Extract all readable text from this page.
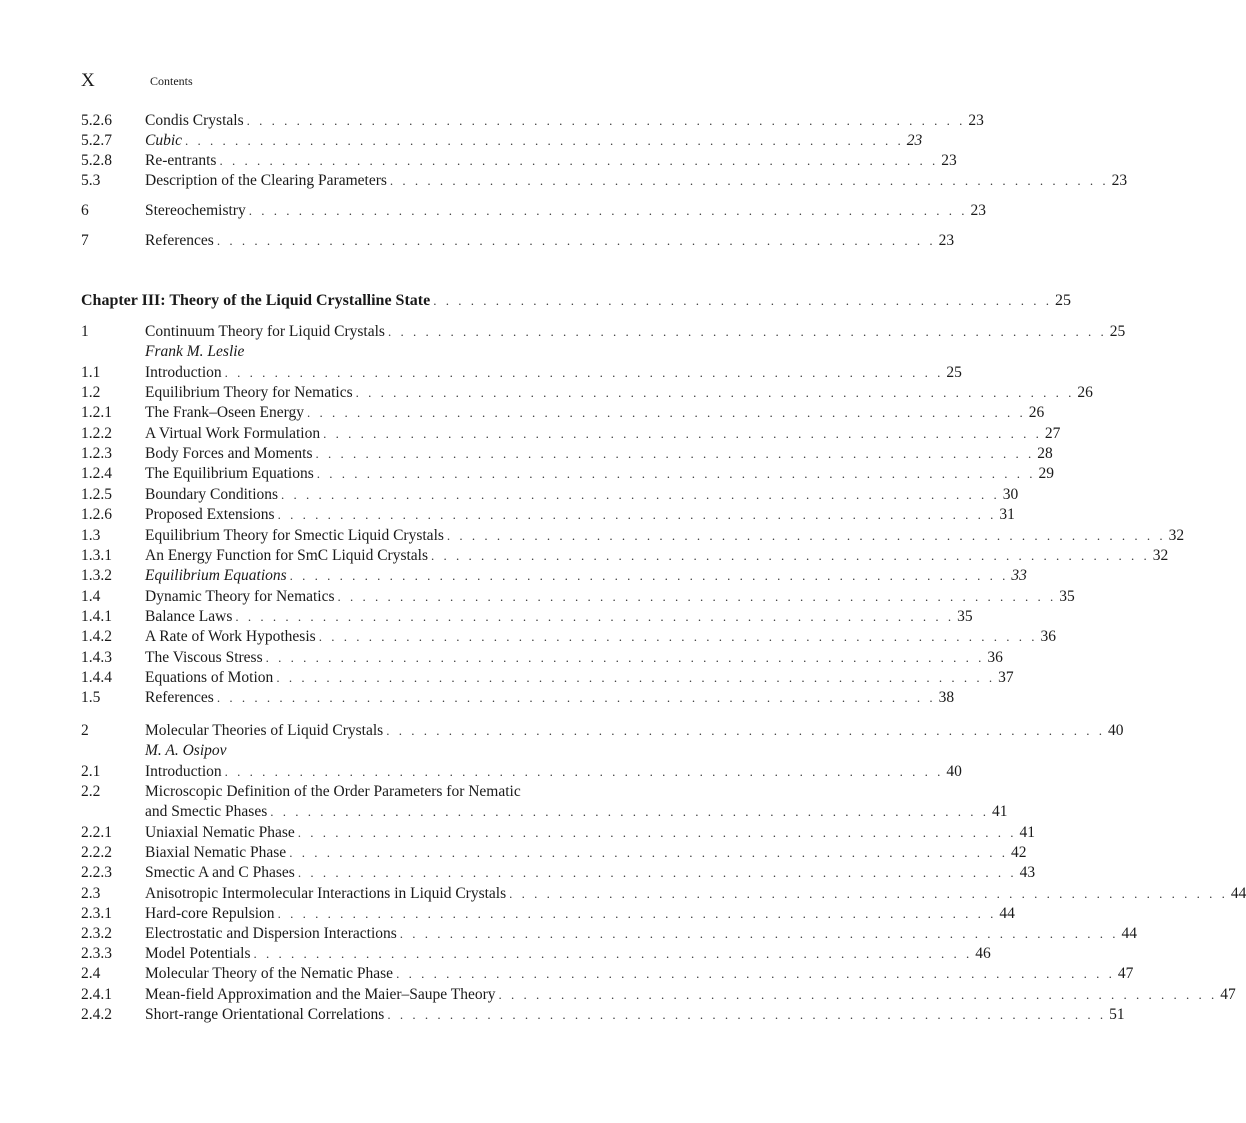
X	Contents
5.2.6 Condis Crystals . . . . . . . . . . . . . . . . . . . . . . . . . . . . . . . . . . . . . . . . . . . . . . . . . . . . . . . . . . 23
5.2.7 Cubic . . . . . . . . . . . . . . . . . . . . . . . . . . . . . . . . . . . . . . . . . . . . . . . . . . . . . . . . . . 23
5.2.8 Re-entrants . . . . . . . . . . . . . . . . . . . . . . . . . . . . . . . . . . . . . . . . . . . . . . . . . . . . . . . . . . 23
5.3	Description of the Clearing Parameters . . . . . . . . . . . . . . . . . . . . . . . . . . . . . . . . . . . . . . . . . . . . . . . . . . . . . . . . . . 23
6	Stereochemistry . . . . . . . . . . . . . . . . . . . . . . . . . . . . . . . . . . . . . . . . . . . . . . . . . . . . . . . . . . 23
7	References . . . . . . . . . . . . . . . . . . . . . . . . . . . . . . . . . . . . . . . . . . . . . . . . . . . . . . . . . . 23
Chapter III: Theory of the Liquid Crystalline State . . . . . . . . . . . . . . . . . . . . . . . . . . . . . . . . . . . . . . . . . . . . . . . . . . 25
1	Continuum Theory for Liquid Crystals . . . . . . . . . . . . . . . . . . . . . . . . . . . . . . . . . . . . . . . . . . . . . . . . . . . . . . . . . . 25
Frank M. Leslie
1.1	Introduction . . . . . . . . . . . . . . . . . . . . . . . . . . . . . . . . . . . . . . . . . . . . . . . . . . . . . . . . . . 25
1.2	Equilibrium Theory for Nematics . . . . . . . . . . . . . . . . . . . . . . . . . . . . . . . . . . . . . . . . . . . . . . . . . . . . . . . . . . 26
1.2.1 The Frank–Oseen Energy . . . . . . . . . . . . . . . . . . . . . . . . . . . . . . . . . . . . . . . . . . . . . . . . . . . . . . . . . . 26
1.2.2 A Virtual Work Formulation . . . . . . . . . . . . . . . . . . . . . . . . . . . . . . . . . . . . . . . . . . . . . . . . . . . . . . . . . . 27
1.2.3 Body Forces and Moments . . . . . . . . . . . . . . . . . . . . . . . . . . . . . . . . . . . . . . . . . . . . . . . . . . . . . . . . . . 28
1.2.4 The Equilibrium Equations . . . . . . . . . . . . . . . . . . . . . . . . . . . . . . . . . . . . . . . . . . . . . . . . . . . . . . . . . . 29
1.2.5 Boundary Conditions . . . . . . . . . . . . . . . . . . . . . . . . . . . . . . . . . . . . . . . . . . . . . . . . . . . . . . . . . . 30
1.2.6 Proposed Extensions . . . . . . . . . . . . . . . . . . . . . . . . . . . . . . . . . . . . . . . . . . . . . . . . . . . . . . . . . . 31
1.3	Equilibrium Theory for Smectic Liquid Crystals . . . . . . . . . . . . . . . . . . . . . . . . . . . . . . . . . . . . . . . . . . . . . . . . . . . . . . . . . . 32
1.3.1 An Energy Function for SmC Liquid Crystals . . . . . . . . . . . . . . . . . . . . . . . . . . . . . . . . . . . . . . . . . . . . . . . . . . . . . . . . . . 32
1.3.2 Equilibrium Equations . . . . . . . . . . . . . . . . . . . . . . . . . . . . . . . . . . . . . . . . . . . . . . . . . . . . . . . . . . 33
1.4	Dynamic Theory for Nematics . . . . . . . . . . . . . . . . . . . . . . . . . . . . . . . . . . . . . . . . . . . . . . . . . . . . . . . . . . 35
1.4.1 Balance Laws . . . . . . . . . . . . . . . . . . . . . . . . . . . . . . . . . . . . . . . . . . . . . . . . . . . . . . . . . . 35
1.4.2 A Rate of Work Hypothesis . . . . . . . . . . . . . . . . . . . . . . . . . . . . . . . . . . . . . . . . . . . . . . . . . . . . . . . . . . 36
1.4.3 The Viscous Stress . . . . . . . . . . . . . . . . . . . . . . . . . . . . . . . . . . . . . . . . . . . . . . . . . . . . . . . . . . 36
1.4.4 Equations of Motion . . . . . . . . . . . . . . . . . . . . . . . . . . . . . . . . . . . . . . . . . . . . . . . . . . . . . . . . . . 37
1.5	References . . . . . . . . . . . . . . . . . . . . . . . . . . . . . . . . . . . . . . . . . . . . . . . . . . . . . . . . . . 38
2	Molecular Theories of Liquid Crystals . . . . . . . . . . . . . . . . . . . . . . . . . . . . . . . . . . . . . . . . . . . . . . . . . . . . . . . . . . 40
M. A. Osipov
2.1	Introduction . . . . . . . . . . . . . . . . . . . . . . . . . . . . . . . . . . . . . . . . . . . . . . . . . . . . . . . . . . 40
2.2	Microscopic Definition of the Order Parameters for Nematic
and Smectic Phases . . . . . . . . . . . . . . . . . . . . . . . . . . . . . . . . . . . . . . . . . . . . . . . . . . . . . . . . . . 41
2.2.1 Uniaxial Nematic Phase . . . . . . . . . . . . . . . . . . . . . . . . . . . . . . . . . . . . . . . . . . . . . . . . . . . . . . . . . . 41
2.2.2 Biaxial Nematic Phase . . . . . . . . . . . . . . . . . . . . . . . . . . . . . . . . . . . . . . . . . . . . . . . . . . . . . . . . . . 42
2.2.3 Smectic A and C Phases . . . . . . . . . . . . . . . . . . . . . . . . . . . . . . . . . . . . . . . . . . . . . . . . . . . . . . . . . . 43
2.3	Anisotropic Intermolecular Interactions in Liquid Crystals . . . . . . . . . . . . . . . . . . . . . . . . . . . . . . . . . . . . . . . . . . . . . . . . . . . . . . . . . . 44
2.3.1 Hard-core Repulsion . . . . . . . . . . . . . . . . . . . . . . . . . . . . . . . . . . . . . . . . . . . . . . . . . . . . . . . . . . 44
2.3.2 Electrostatic and Dispersion Interactions . . . . . . . . . . . . . . . . . . . . . . . . . . . . . . . . . . . . . . . . . . . . . . . . . . . . . . . . . . 44
2.3.3 Model Potentials . . . . . . . . . . . . . . . . . . . . . . . . . . . . . . . . . . . . . . . . . . . . . . . . . . . . . . . . . . 46
2.4	Molecular Theory of the Nematic Phase . . . . . . . . . . . . . . . . . . . . . . . . . . . . . . . . . . . . . . . . . . . . . . . . . . . . . . . . . . 47
2.4.1 Mean-field Approximation and the Maier–Saupe Theory . . . . . . . . . . . . . . . . . . . . . . . . . . . . . . . . . . . . . . . . . . . . . . . . . . . . . . . . . . 47
2.4.2 Short-range Orientational Correlations . . . . . . . . . . . . . . . . . . . . . . . . . . . . . . . . . . . . . . . . . . . . . . . . . . . . . . . . . . 51
